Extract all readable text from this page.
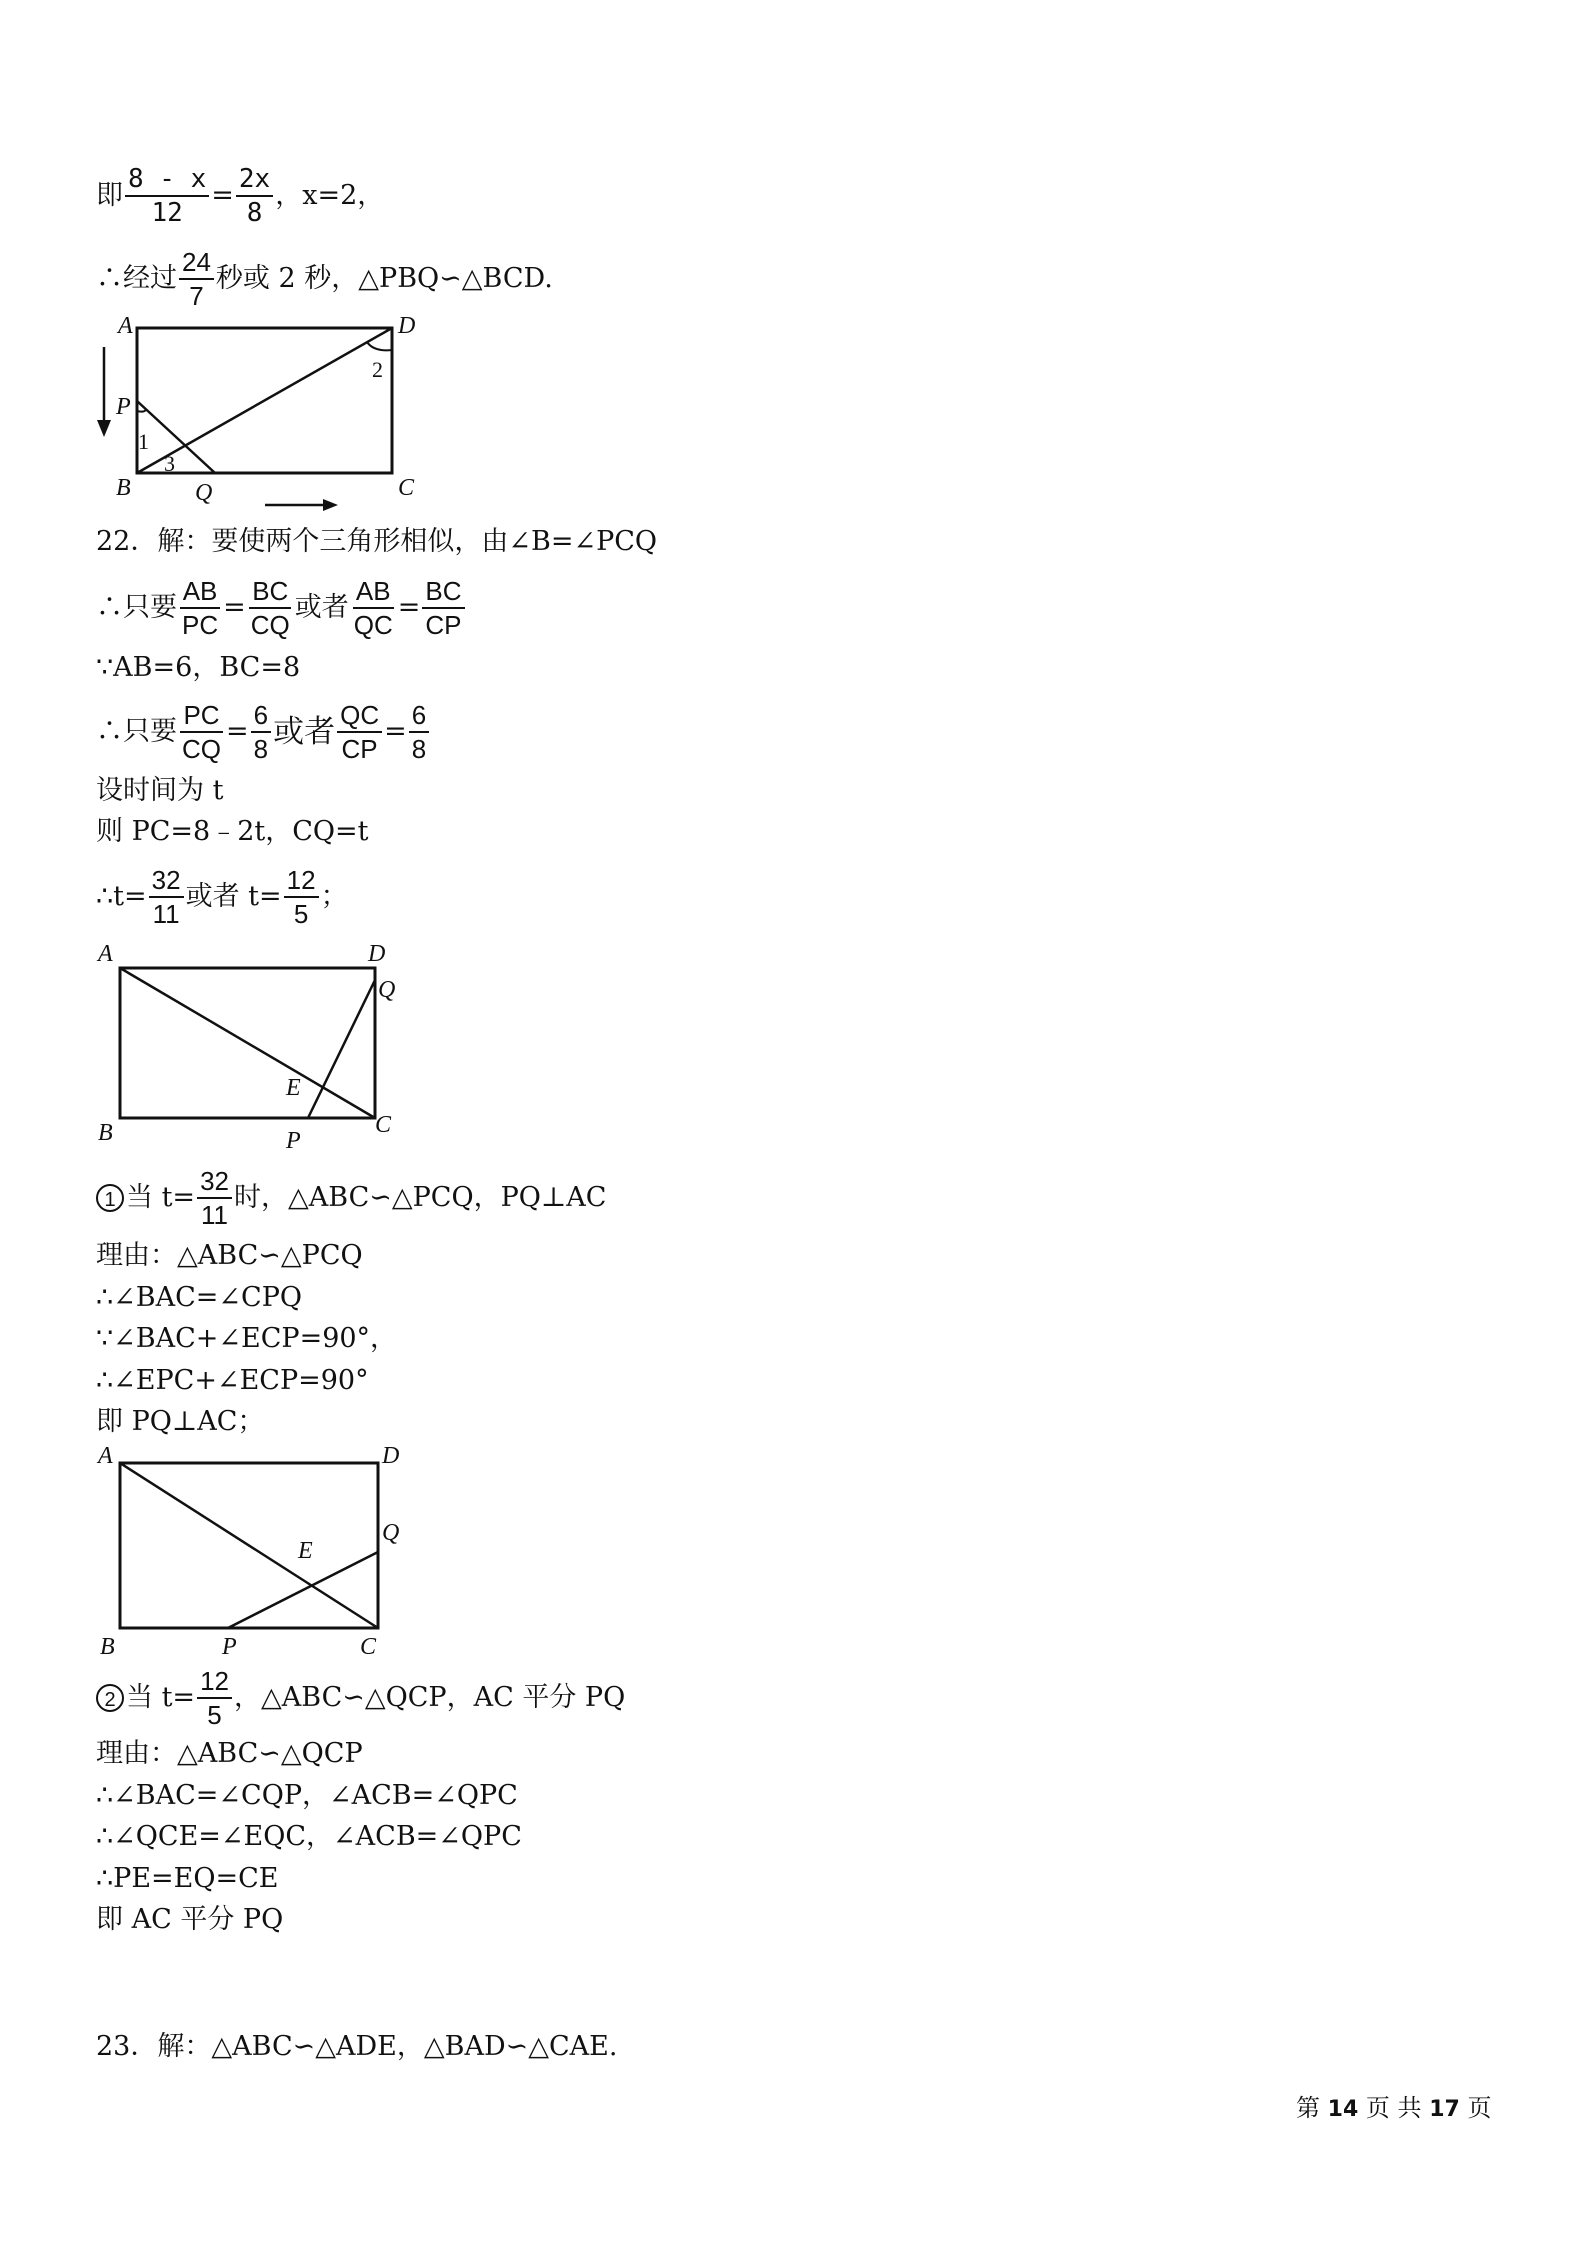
即 $\frac{8 - x}{12} = \frac{2x}{8}$ ，x=2，
∴经过 $\frac{24}{7}$ 秒或 2 秒，△PBQ∽△BCD.
A	D
P
B	Q	C
1
2
3
22．解：要使两个三角形相似，由∠B=∠PCQ
∴只要 $\frac{AB}{PC} = \frac{BC}{CQ}$ 或者 $\frac{AB}{QC} = \frac{BC}{CP}$
∵AB=6，BC=8
∴只要 $\frac{PC}{CQ} = \frac{6}{8}$ 或者 $\frac{QC}{CP} = \frac{6}{8}$
设时间为 t
则 PC=8﹣2t，CQ=t
∴t= $\frac{32}{11}$ 或者 $t= \frac{12}{5}$ ；
A	D
Q
E
B	C
P
1 当 $t= \frac{32}{11}$ 时，△ABC∽△PCQ，PQ⊥AC
理由：△ABC∽△PCQ
∴∠BAC=∠CPQ
∵∠BAC+∠ECP=90°，
∴∠EPC+∠ECP=90°
即 PQ⊥AC；
A	D
Q
E
B	P	C
2 当 $t= \frac{12}{5}$ ，△ABC∽△QCP，AC 平分 PQ
理由：△ABC∽△QCP
∴∠BAC=∠CQP，∠ACB=∠QPC
∴∠QCE=∠EQC，∠ACB=∠QPC
∴PE=EQ=CE
即 AC 平分 PQ
23．解：△ABC∽△ADE，△BAD∽△CAE.
第 14 页 共 17 页
